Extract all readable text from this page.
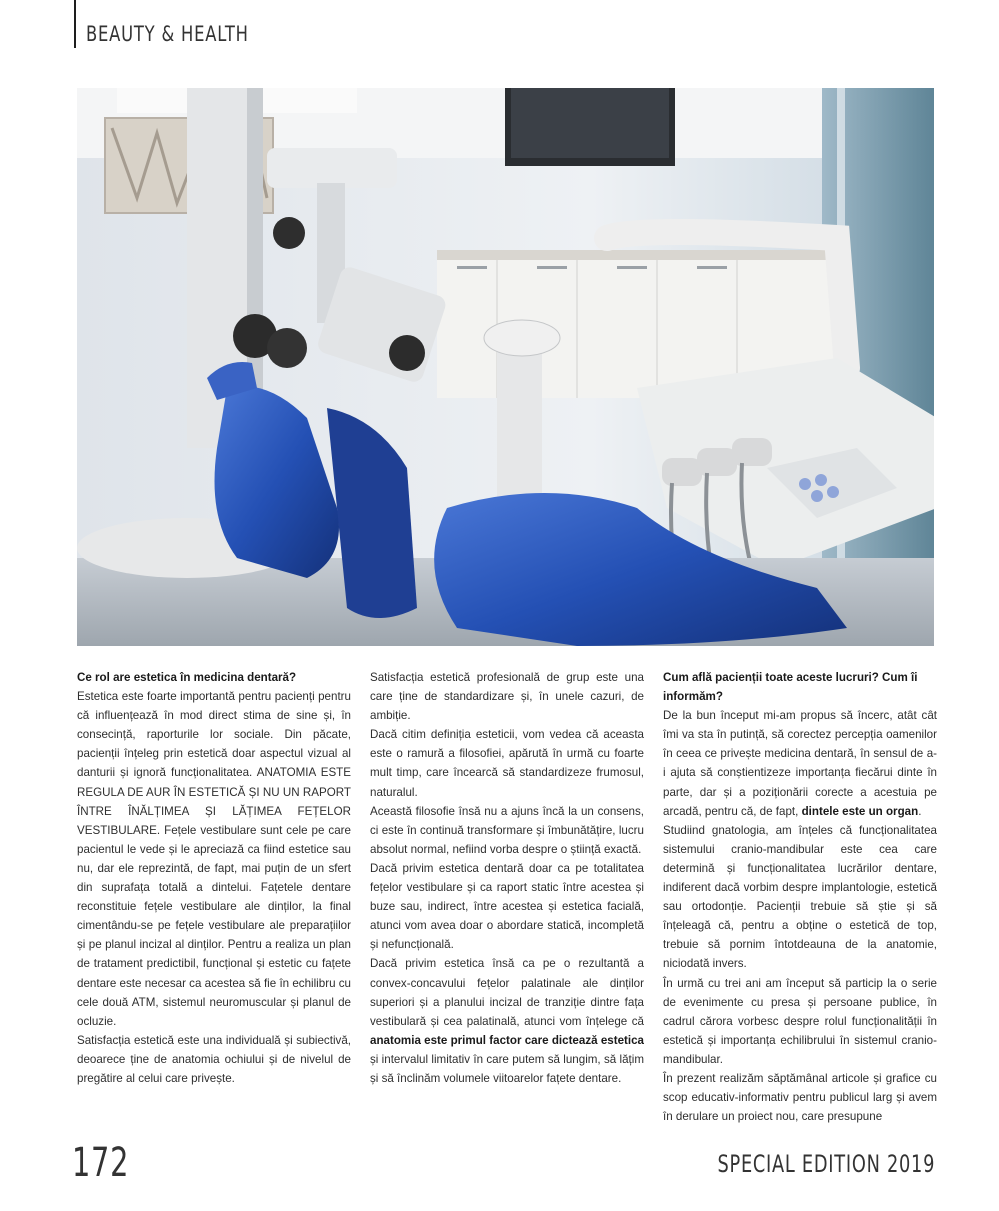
BEAUTY & HEALTH
Ce rol are estetica în medicina dentară?

Estetica este foarte importantă pentru pacienți pentru că influențează în mod direct stima de sine și, în consecință, raporturile lor sociale. Din păcate, pacienții înțeleg prin estetică doar aspectul vizual al danturii și ignoră funcționalitatea. ANATOMIA ESTE REGULA DE AUR ÎN ESTETICĂ ȘI NU UN RAPORT ÎNTRE ÎNĂLȚIMEA ȘI LĂȚIMEA FEȚELOR VESTIBULARE. Fețele vestibulare sunt cele pe care pacientul le vede și le apreciază ca fiind estetice sau nu, dar ele reprezintă, de fapt, mai puțin de un sfert din suprafața totală a dintelui. Fațetele dentare reconstituie fețele vestibulare ale dinților, la final cimentându-se pe fețele vestibulare ale preparațiilor și pe planul incizal al dinților. Pentru a realiza un plan de tratament predictibil, funcțional și estetic cu fațete dentare este necesar ca acestea să fie în echilibru cu cele două ATM, sistemul neuromuscular și planul de ocluzie.

Satisfacția estetică este una individuală și subiectivă, deoarece ține de anatomia ochiului și de nivelul de pregătire al celui care privește.

Satisfacția estetică profesională de grup este una care ține de standardizare și, în unele cazuri, de ambiție.

Dacă citim definiția esteticii, vom vedea că aceasta este o ramură a filosofiei, apărută în urmă cu foarte mult timp, care încearcă să standardizeze frumosul, naturalul.

Această filosofie însă nu a ajuns încă la un consens, ci este în continuă transformare și îmbunătățire, lucru absolut normal, nefiind vorba despre o știință exactă.

Dacă privim estetica dentară doar ca pe totalitatea fețelor vestibulare și ca raport static între acestea și buze sau, indirect, între acestea și estetica facială, atunci vom avea doar o abordare statică, incompletă și nefuncțională.

Dacă privim estetica însă ca pe o rezultantă a convex-concavului fețelor palatinale ale dinților superiori și a planului incizal de tranziție dintre fața vestibulară și cea palatinală, atunci vom înțelege că anatomia este primul factor care dictează estetica și intervalul limitativ în care putem să lungim, să lățim și să înclinăm volumele viitoarelor fațete dentare.

Cum află pacienții toate aceste lucruri? Cum îi informăm?

De la bun început mi-am propus să încerc, atât cât îmi va sta în putință, să corectez percepția oamenilor în ceea ce privește medicina dentară, în sensul de a-i ajuta să conștientizeze importanța fiecărui dinte în parte, dar și a poziționării corecte a acestuia pe arcadă, pentru că, de fapt, dintele este un organ.

Studiind gnatologia, am înțeles că funcționalitatea sistemului cranio-mandibular este cea care determină și funcționalitatea lucrărilor dentare, indiferent dacă vorbim despre implantologie, estetică sau ortodonție. Pacienții trebuie să știe și să înțeleagă că, pentru a obține o estetică de top, trebuie să pornim întotdeauna de la anatomie, niciodată invers.

În urmă cu trei ani am început să particip la o serie de evenimente cu presa și persoane publice, în cadrul cărora vorbesc despre rolul funcționalității în estetică și importanța echilibrului în sistemul cranio-mandibular.

În prezent realizăm săptămânal articole și grafice cu scop educativ-informativ pentru publicul larg și avem în derulare un proiect nou, care presupune

172	SPECIAL EDITION 2019
